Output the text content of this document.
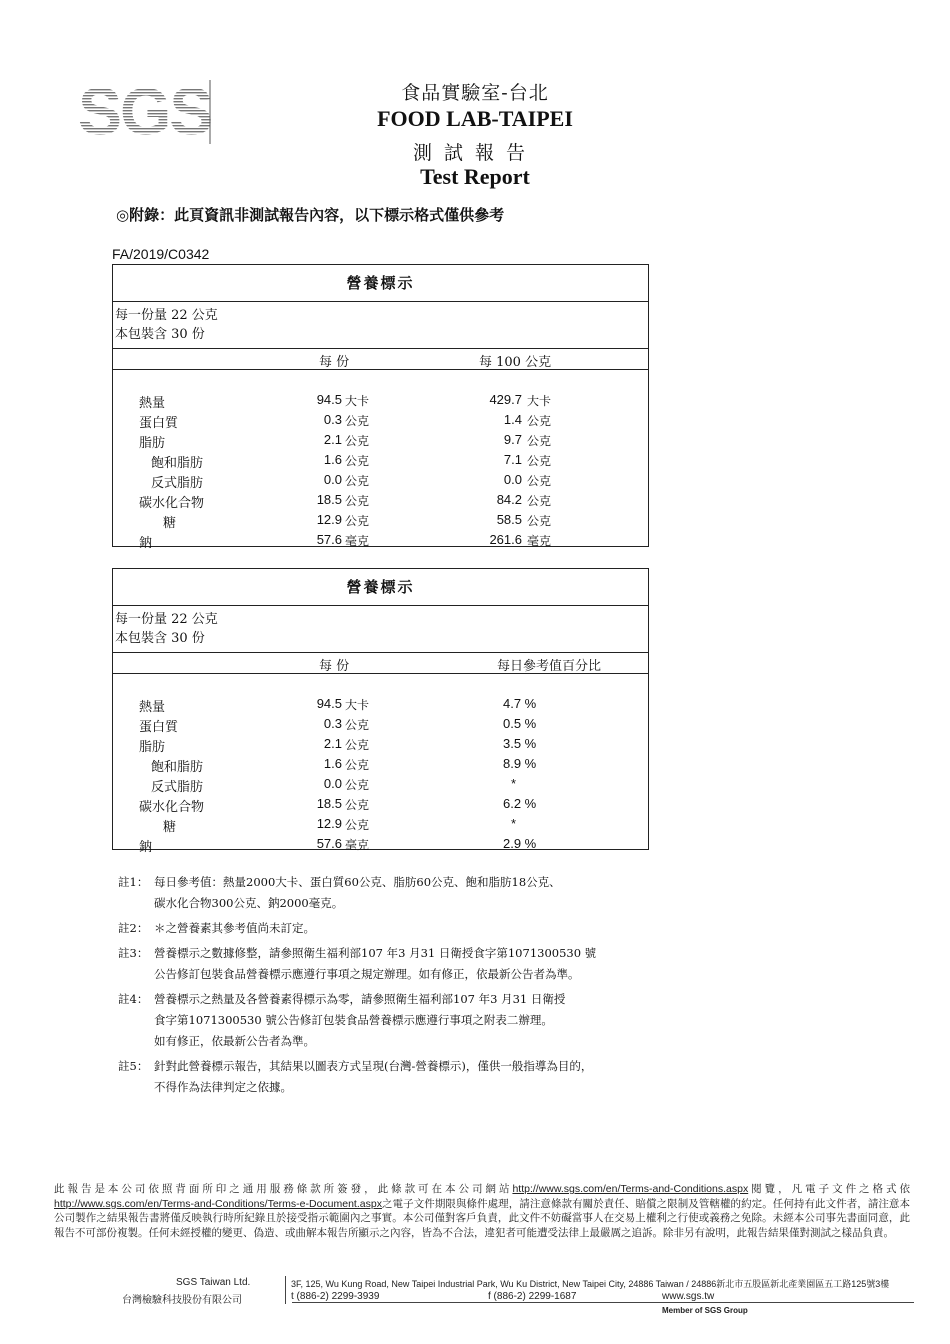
SGS	食品實驗室-台北
FOOD LAB-TAIPEI
測試報告
Test Report
◎附錄：此頁資訊非測試報告內容，以下標示格式僅供參考
FA/2019/C0342
營養標示
每一份量 22 公克
本包裝含 30 份
每 份	每 100 公克
熱量	94.5 大卡	429.7 大卡
蛋白質	0.3 公克	1.4 公克
脂肪	2.1 公克	9.7 公克
飽和脂肪	1.6 公克	7.1 公克
反式脂肪	0.0 公克	0.0 公克
碳水化合物	18.5 公克	84.2 公克
糖	12.9 公克	58.5 公克
鈉	57.6 毫克	261.6 毫克
營養標示
每一份量 22 公克
本包裝含 30 份
每 份	每日參考值百分比
熱量	94.5 大卡	4.7 %
蛋白質	0.3 公克	0.5 %
脂肪	2.1 公克	3.5 %
飽和脂肪	1.6 公克	8.9 %
反式脂肪	0.0 公克	*
碳水化合物	18.5 公克	6.2 %
糖	12.9 公克	*
鈉	57.6 毫克	2.9 %
註1： 每日參考值：熱量2000大卡、蛋白質60公克、脂肪60公克、飽和脂肪18公克、
碳水化合物300公克、鈉2000毫克。
註2： ＊之營養素其參考值尚未訂定。
註3： 營養標示之數據修整，請參照衛生福利部107 年3 月31 日衛授食字第1071300530 號
公告修訂包裝食品營養標示應遵行事項之規定辦理。如有修正，依最新公告者為準。
註4： 營養標示之熱量及各營養素得標示為零，請參照衛生福利部107 年3 月31 日衛授
食字第1071300530 號公告修訂包裝食品營養標示應遵行事項之附表二辦理。
如有修正，依最新公告者為準。
註5： 針對此營養標示報告，其結果以圖表方式呈現(台灣-營養標示)，僅供一般指導為目的，
不得作為法律判定之依據。
此報告是本公司依照背面所印之通用服務條款所簽發，此條款可在本公司網站http://www.sgs.com/en/Terms-and-Conditions.aspx閱覽，凡電子文件之格式依http://www.sgs.com/en/Terms-and-Conditions/Terms-e-Document.aspx之電子文件期限與條件處理，請注意條款有關於責任、賠償之限制及管轄權的約定。任何持有此文件者，請注意本公司製作之結果報告書將僅反映執行時所紀錄且於接受指示範圍內之事實。本公司僅對客戶負責，此文件不妨礙當事人在交易上權利之行使或義務之免除。未經本公司事先書面同意，此報告不可部份複製。任何未經授權的變更、偽造、或曲解本報告所顯示之內容，皆為不合法，違犯者可能遭受法律上最嚴厲之追訴。除非另有說明，此報告結果僅對測試之樣品負責。
SGS Taiwan Ltd.
台灣檢驗科技股份有限公司
3F, 125, Wu Kung Road, New Taipei Industrial Park, Wu Ku District, New Taipei City, 24886 Taiwan / 24886新北市五股區新北產業園區五工路125號3樓
t (886-2) 2299-3939	f (886-2) 2299-1687	www.sgs.tw
Member of SGS Group
